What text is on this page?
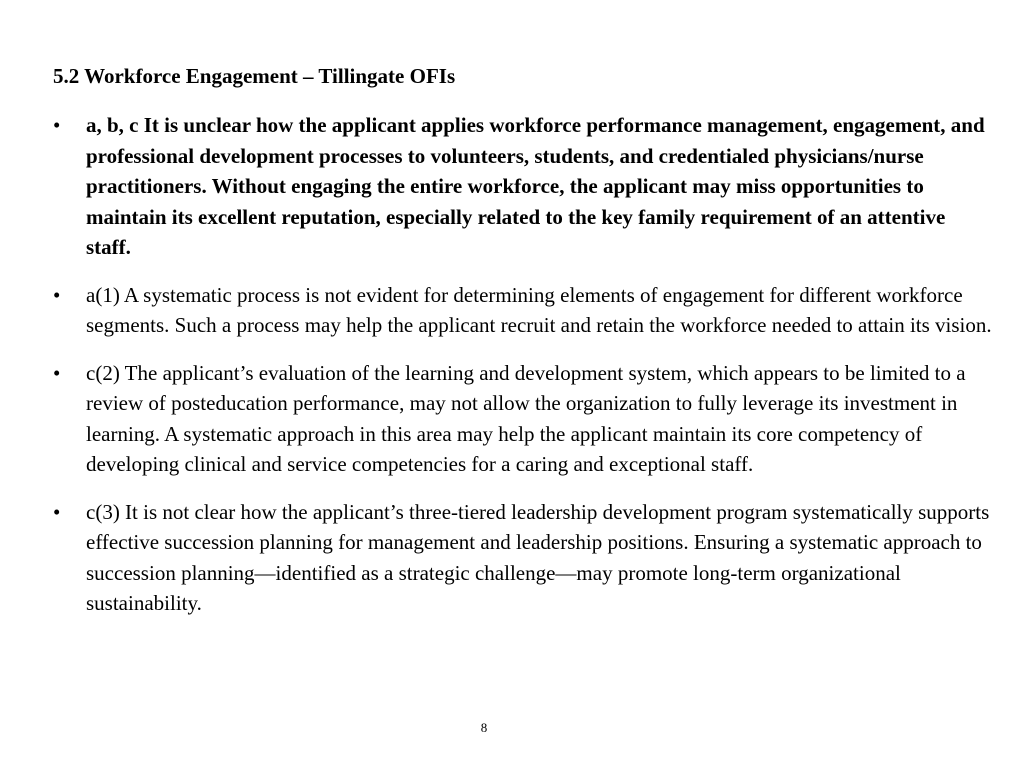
5.2 Workforce Engagement – Tillingate OFIs
• a, b, c It is unclear how the applicant applies workforce performance management, engagement, and professional development processes to volunteers, students, and credentialed physicians/nurse practitioners. Without engaging the entire workforce, the applicant may miss opportunities to maintain its excellent reputation, especially related to the key family requirement of an attentive staff.
• a(1) A systematic process is not evident for determining elements of engagement for different workforce segments. Such a process may help the applicant recruit and retain the workforce needed to attain its vision.
• c(2) The applicant’s evaluation of the learning and development system, which appears to be limited to a review of posteducation performance, may not allow the organization to fully leverage its investment in learning. A systematic approach in this area may help the applicant maintain its core competency of developing clinical and service competencies for a caring and exceptional staff.
• c(3) It is not clear how the applicant’s three-tiered leadership development program systematically supports effective succession planning for management and leadership positions. Ensuring a systematic approach to succession planning—identified as a strategic challenge—may promote long-term organizational sustainability.
8
